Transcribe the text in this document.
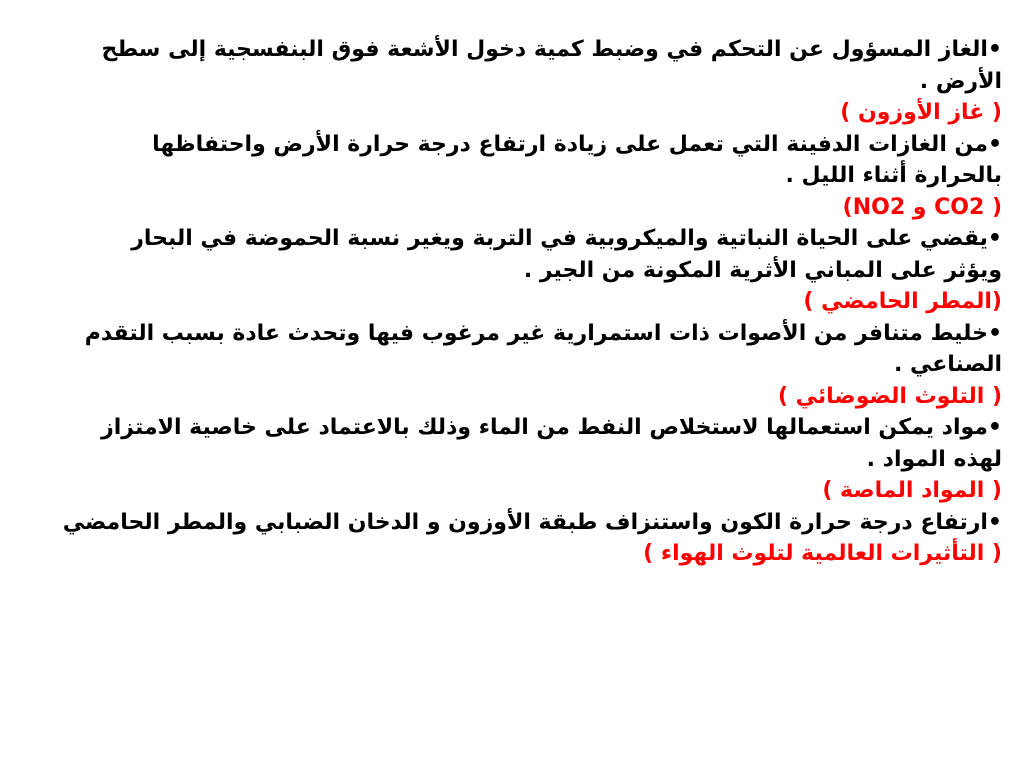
•الغاز المسؤول عن التحكم في وضبط كمية دخول الأشعة فوق البنفسجية إلى سطح
الأرض .
( غاز الأوزون )
•من الغازات الدفينة التي تعمل على زيادة ارتفاع درجة حرارة الأرض واحتفاظها
بالحرارة أثناء الليل .
( CO2 و NO2)
•يقضي على الحياة النباتية والميكروبية في التربة ويغير نسبة الحموضة في البحار
ويؤثر على المباني الأثرية المكونة من الجير .
(المطر الحامضي )
•خليط متنافر من الأصوات ذات استمرارية غير مرغوب فيها وتحدث عادة بسبب التقدم
الصناعي .
( التلوث الضوضائي )
•مواد يمكن استعمالها لاستخلاص النفط من الماء وذلك بالاعتماد على خاصية الامتزاز
لهذه المواد .
( المواد الماصة )
•ارتفاع درجة حرارة الكون واستنزاف طبقة الأوزون و الدخان الضبابي والمطر الحامضي
( التأثيرات العالمية لتلوث الهواء )
